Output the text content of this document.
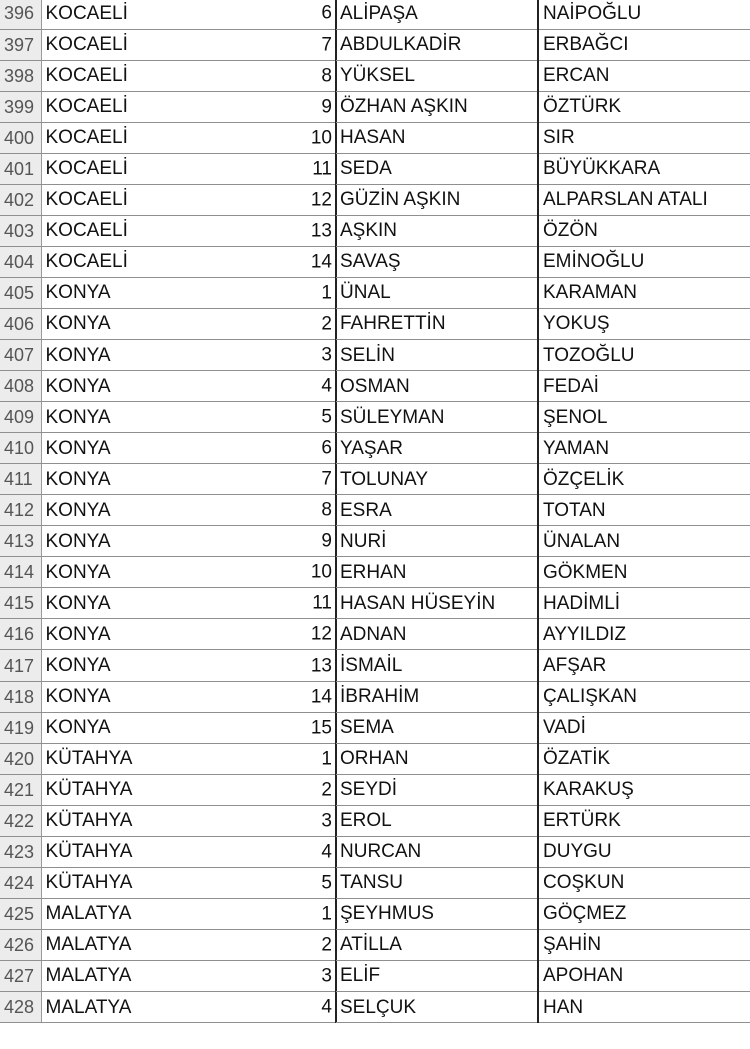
396	KOCAELİ 6		ALİPAŞA	NAİPOĞLU
397	KOCAELİ 7		ABDULKADİR	ERBAĞCI
398	KOCAELİ 8		YÜKSEL	ERCAN
399	KOCAELİ 9		ÖZHAN AŞKIN	ÖZTÜRK
400	KOCAELİ 10		HASAN	SIR
401	KOCAELİ 11		SEDA	BÜYÜKKARA
402	KOCAELİ 12		GÜZİN AŞKIN	ALPARSLAN ATALI
403	KOCAELİ 13		AŞKIN	ÖZÖN
404	KOCAELİ 14		SAVAŞ	EMİNOĞLU
405	KONYA 1		ÜNAL	KARAMAN
406	KONYA 2		FAHRETTİN	YOKUŞ
407	KONYA 3		SELİN	TOZOĞLU
408	KONYA 4		OSMAN	FEDAİ
409	KONYA 5		SÜLEYMAN	ŞENOL
410	KONYA 6		YAŞAR	YAMAN
411	KONYA 7		TOLUNAY	ÖZÇELİK
412	KONYA 8		ESRA	TOTAN
413	KONYA 9		NURİ	ÜNALAN
414	KONYA 10		ERHAN	GÖKMEN
415	KONYA 11		HASAN HÜSEYİN	HADİMLİ
416	KONYA 12		ADNAN	AYYILDIZ
417	KONYA 13		İSMAİL	AFŞAR
418	KONYA 14		İBRAHİM	ÇALIŞKAN
419	KONYA 15		SEMA	VADİ
420	KÜTAHYA 1		ORHAN	ÖZATİK
421	KÜTAHYA 2		SEYDİ	KARAKUŞ
422	KÜTAHYA 3		EROL	ERTÜRK
423	KÜTAHYA 4		NURCAN	DUYGU
424	KÜTAHYA 5		TANSU	COŞKUN
425	MALATYA 1		ŞEYHMUS	GÖÇMEZ
426	MALATYA 2		ATİLLA	ŞAHİN
427	MALATYA 3		ELİF	APOHAN
428	MALATYA 4		SELÇUK	HAN
